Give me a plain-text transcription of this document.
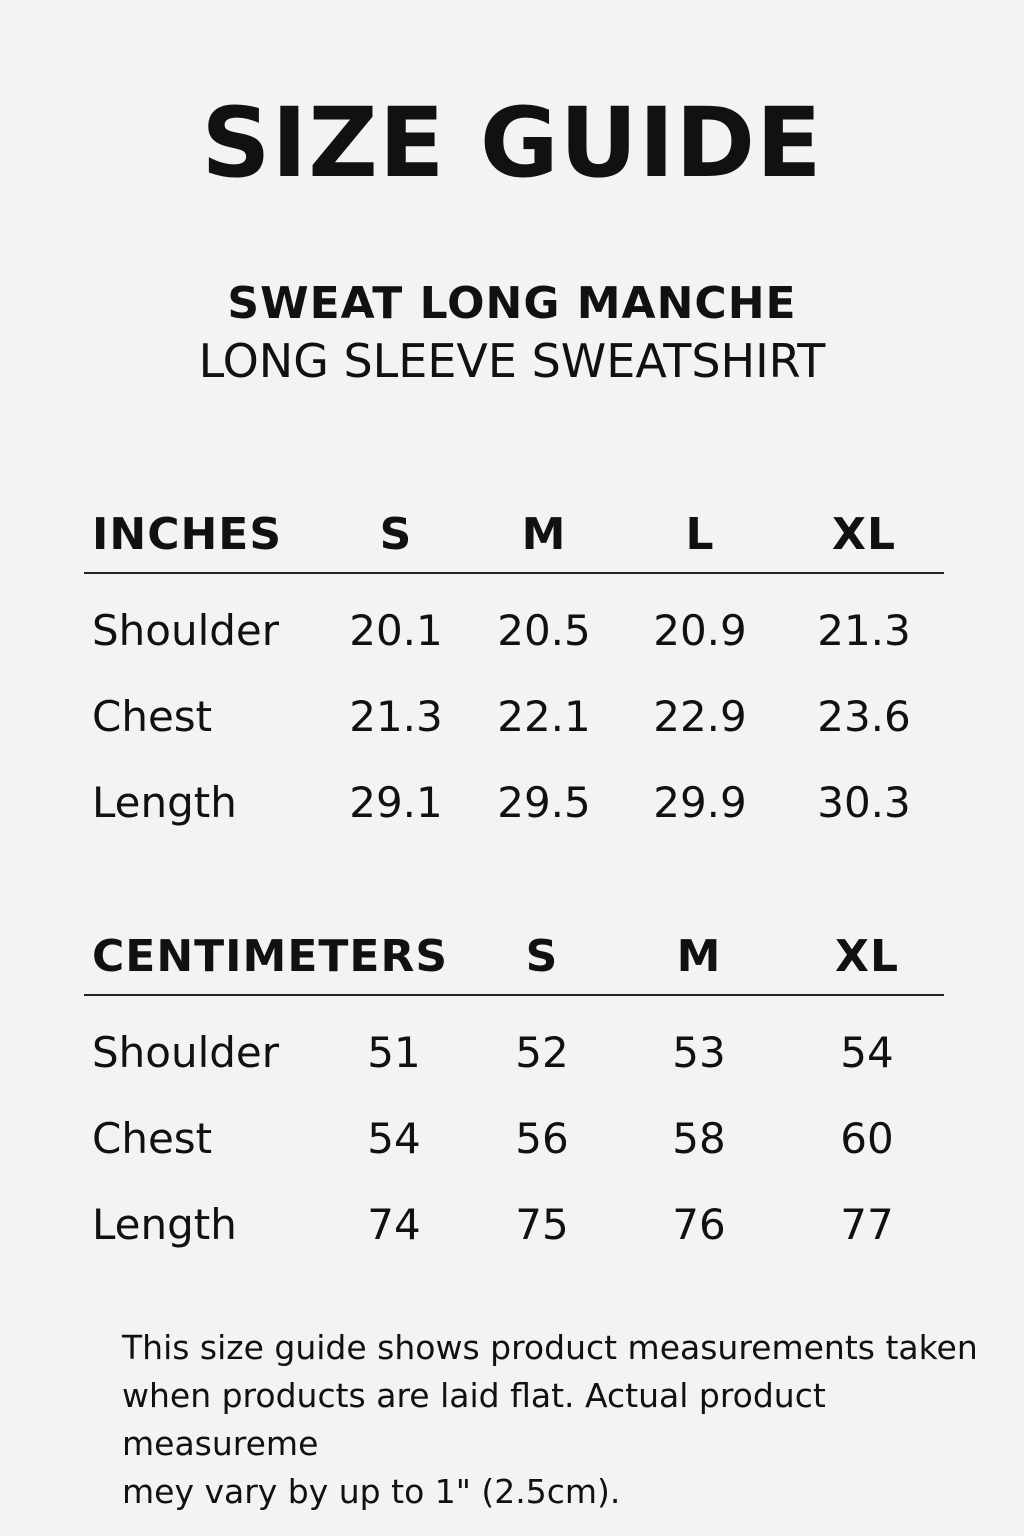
SIZE GUIDE
SWEAT LONG MANCHE
LONG SLEEVE SWEATSHIRT
INCHES	S	M	L	XL
Shoulder	20.1	20.5	20.9	21.3
Chest	21.3	22.1	22.9	23.6
Length	29.1	29.5	29.9	30.3
CENTIMETERS	S	M	XL
Shoulder	51	52	53	54
Chest	54	56	58	60
Length	74	75	76	77
This size guide shows product measurements taken
when products are laid flat. Actual product measureme
mey vary by up to 1" (2.5cm).
